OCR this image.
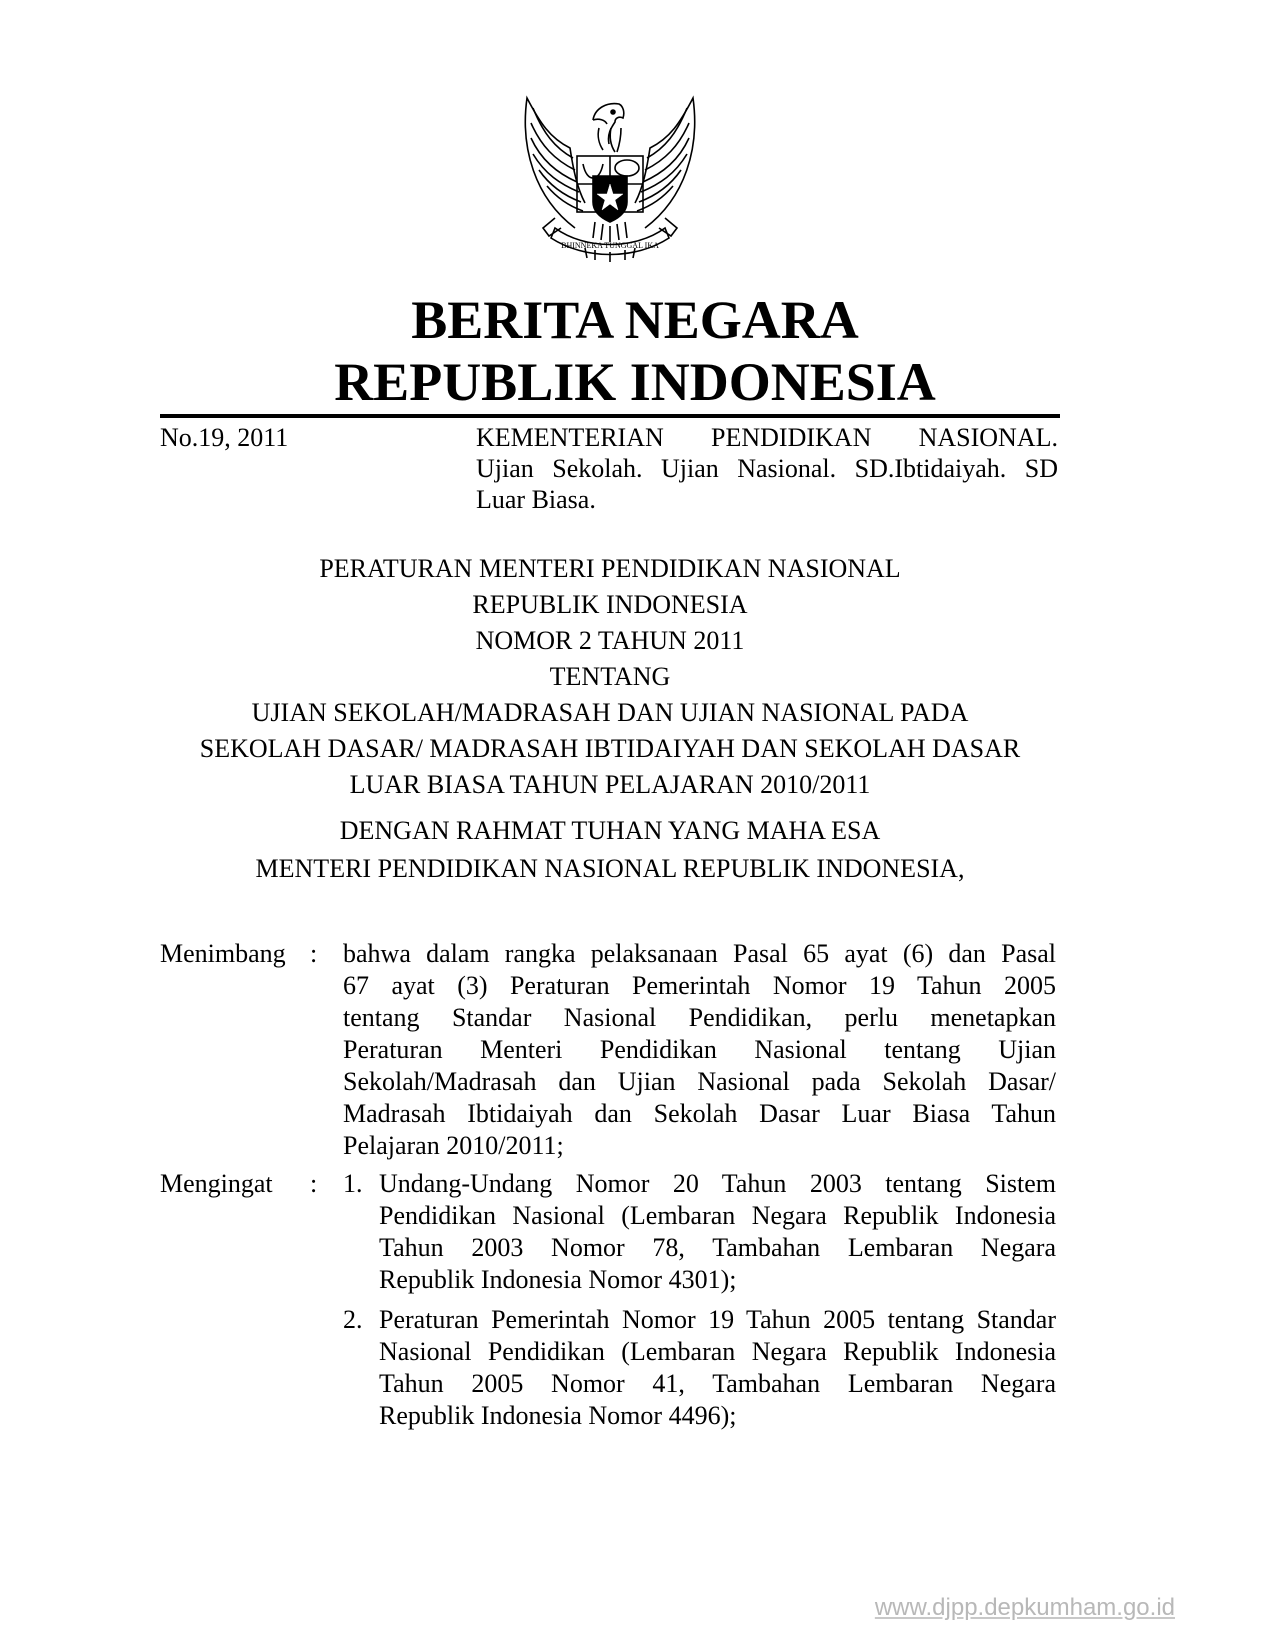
BHINNEKA TUNGGAL IKA
BERITA NEGARA
REPUBLIK INDONESIA
No.19, 2011	KEMENTERIAN PENDIDIKAN NASIONAL.
Ujian Sekolah. Ujian Nasional. SD.Ibtidaiyah. SD
Luar Biasa.
PERATURAN MENTERI PENDIDIKAN NASIONAL
REPUBLIK INDONESIA
NOMOR 2 TAHUN 2011
TENTANG
UJIAN SEKOLAH/MADRASAH DAN UJIAN NASIONAL PADA
SEKOLAH DASAR/ MADRASAH IBTIDAIYAH DAN SEKOLAH DASAR
LUAR BIASA TAHUN PELAJARAN 2010/2011
DENGAN RAHMAT TUHAN YANG MAHA ESA
MENTERI PENDIDIKAN NASIONAL REPUBLIK INDONESIA,
Menimbang : bahwa dalam rangka pelaksanaan Pasal 65 ayat (6) dan Pasal
67 ayat (3) Peraturan Pemerintah Nomor 19 Tahun 2005
tentang Standar Nasional Pendidikan, perlu menetapkan
Peraturan Menteri Pendidikan Nasional tentang Ujian
Sekolah/Madrasah dan Ujian Nasional pada Sekolah Dasar/
Madrasah Ibtidaiyah dan Sekolah Dasar Luar Biasa Tahun
Pelajaran 2010/2011;
Mengingat	: 1. Undang-Undang Nomor 20 Tahun 2003 tentang Sistem
Pendidikan Nasional (Lembaran Negara Republik Indonesia
Tahun 2003 Nomor 78, Tambahan Lembaran Negara
Republik Indonesia Nomor 4301);
2. Peraturan Pemerintah Nomor 19 Tahun 2005 tentang Standar
Nasional Pendidikan (Lembaran Negara Republik Indonesia
Tahun 2005 Nomor 41, Tambahan Lembaran Negara
Republik Indonesia Nomor 4496);
www.djpp.depkumham.go.id
